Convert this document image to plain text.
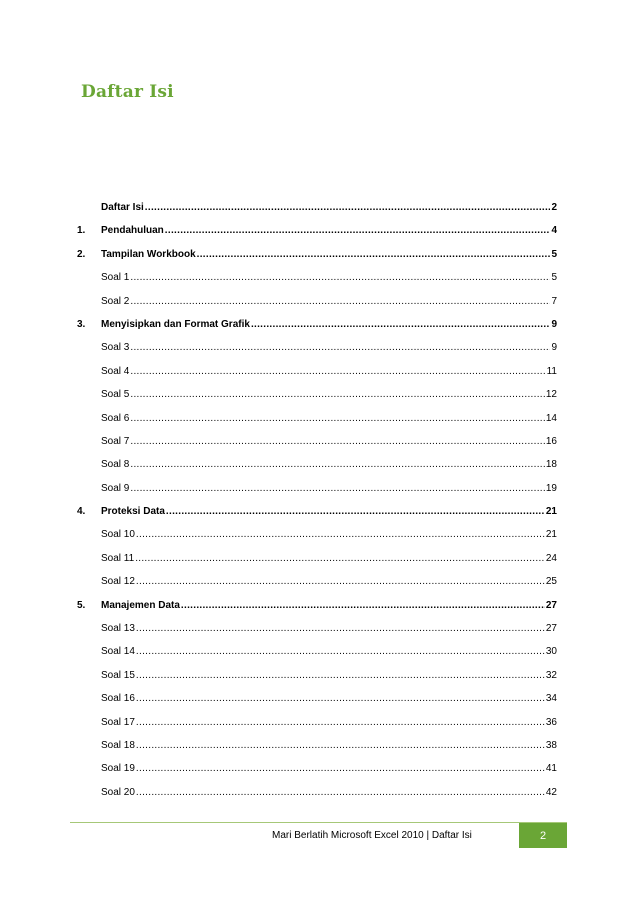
Daftar Isi
Daftar Isi .....	2
1.	Pendahuluan .....	4
2.	Tampilan Workbook .....	5
Soal 1 .....	5
Soal 2 .....	7
3.	Menyisipkan dan Format Grafik .....	9
Soal 3 .....	9
Soal 4 .....	11
Soal 5 .....	12
Soal 6 .....	14
Soal 7 .....	16
Soal 8 .....	18
Soal 9 .....	19
4.	Proteksi Data .....	21
Soal 10 .....	21
Soal 11 .....	24
Soal 12 .....	25
5.	Manajemen Data .....	27
Soal 13 .....	27
Soal 14 .....	30
Soal 15 .....	32
Soal 16 .....	34
Soal 17 .....	36
Soal 18 .....	38
Soal 19 .....	41
Soal 20 .....	42
Mari Berlatih Microsoft Excel 2010 | Daftar Isi	2
